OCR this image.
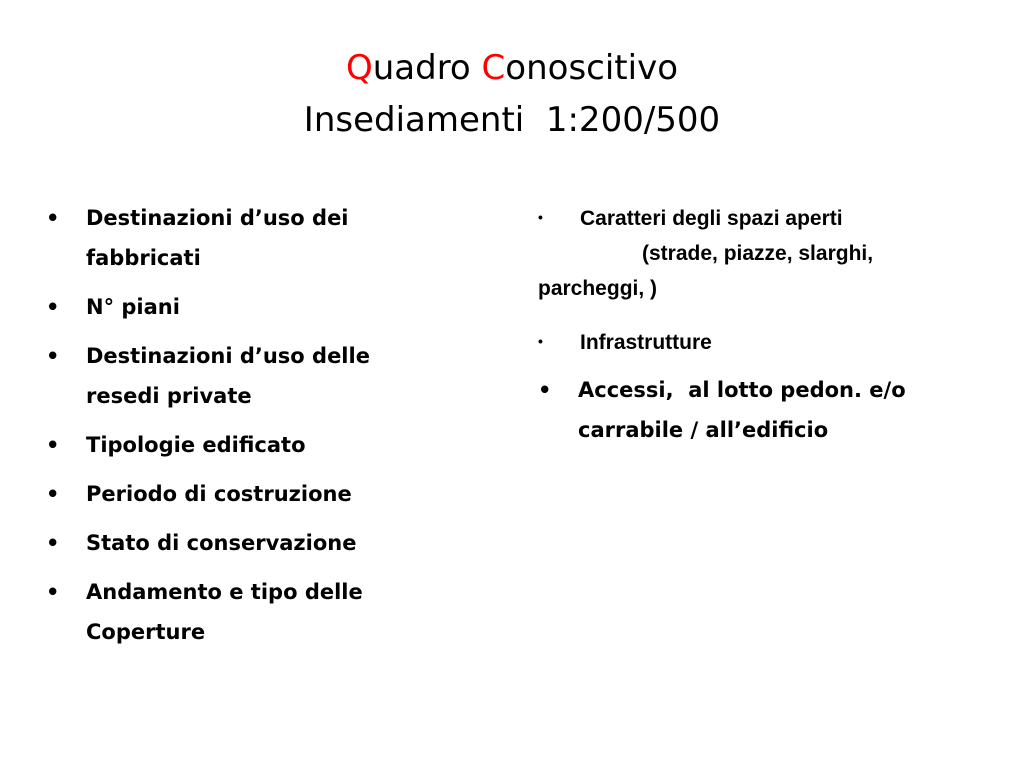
Quadro Conoscitivo
Insediamenti  1:200/500
• Destinazioni d’uso dei fabbricati
• N° piani
• Destinazioni d’uso delle resedi private
• Tipologie edificato
• Periodo di costruzione
• Stato di conservazione
• Andamento e tipo delle Coperture
• Caratteri degli spazi aperti
(strade, piazze, slarghi,
parcheggi, )
• Infrastrutture
• Accessi,  al lotto pedon. e/o carrabile / all’edificio
